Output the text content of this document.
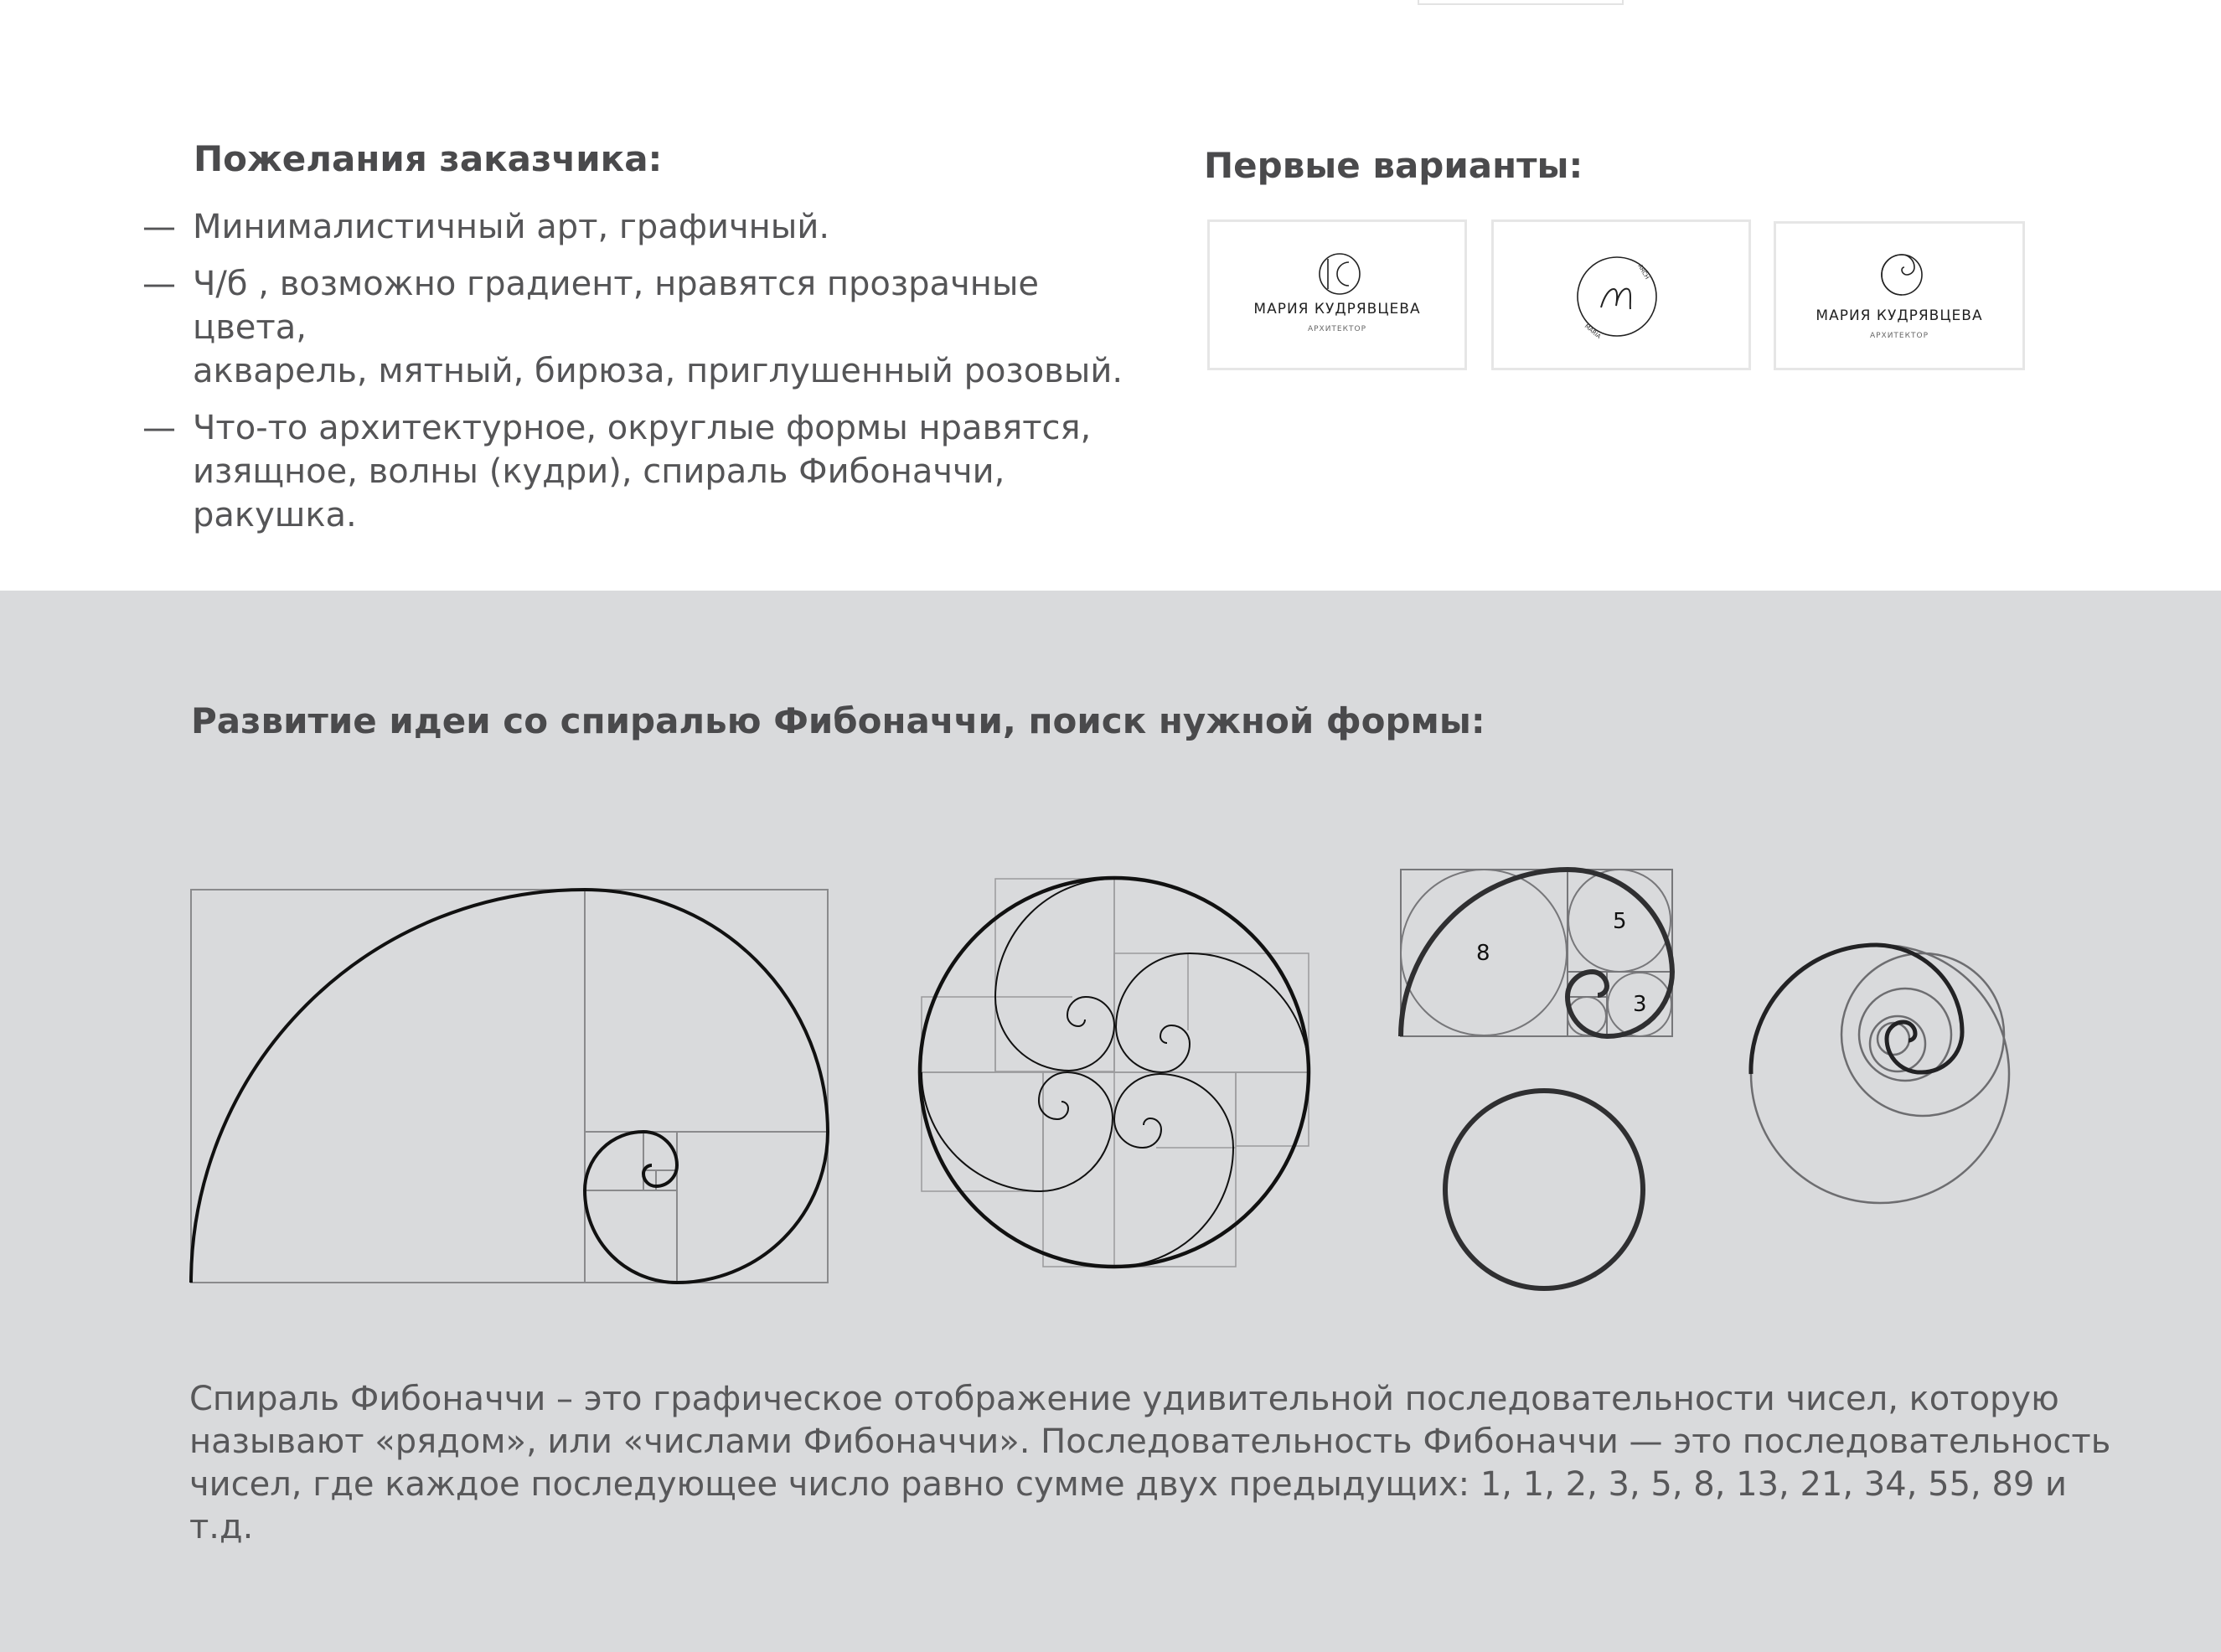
Пожелания заказчика:
— Минималистичный арт, графичный.
— Ч/б , возможно градиент, нравятся прозрачные цвета,
акварель, мятный, бирюза, приглушенный розовый.
— Что-то архитектурное, округлые формы нравятся,
изящное, волны (кудри), спираль Фибоначчи, ракушка.
Первые варианты:
МАРИЯ КУДРЯВЦЕВА
АРХИТЕКТОР
ARCH
MARIA
МАРИЯ КУДРЯВЦЕВА
АРХИТЕКТОР
Развитие идеи со спиралью Фибоначчи, поиск нужной формы:
8
5
3

Спираль Фибоначчи – это графическое отображение удивительной последовательности чисел, которую
называют «рядом», или «числами Фибоначчи». Последовательность Фибоначчи — это последовательность
чисел, где каждое последующее число равно сумме двух предыдущих: 1, 1, 2, 3, 5, 8, 13, 21, 34, 55, 89 и т.д.
